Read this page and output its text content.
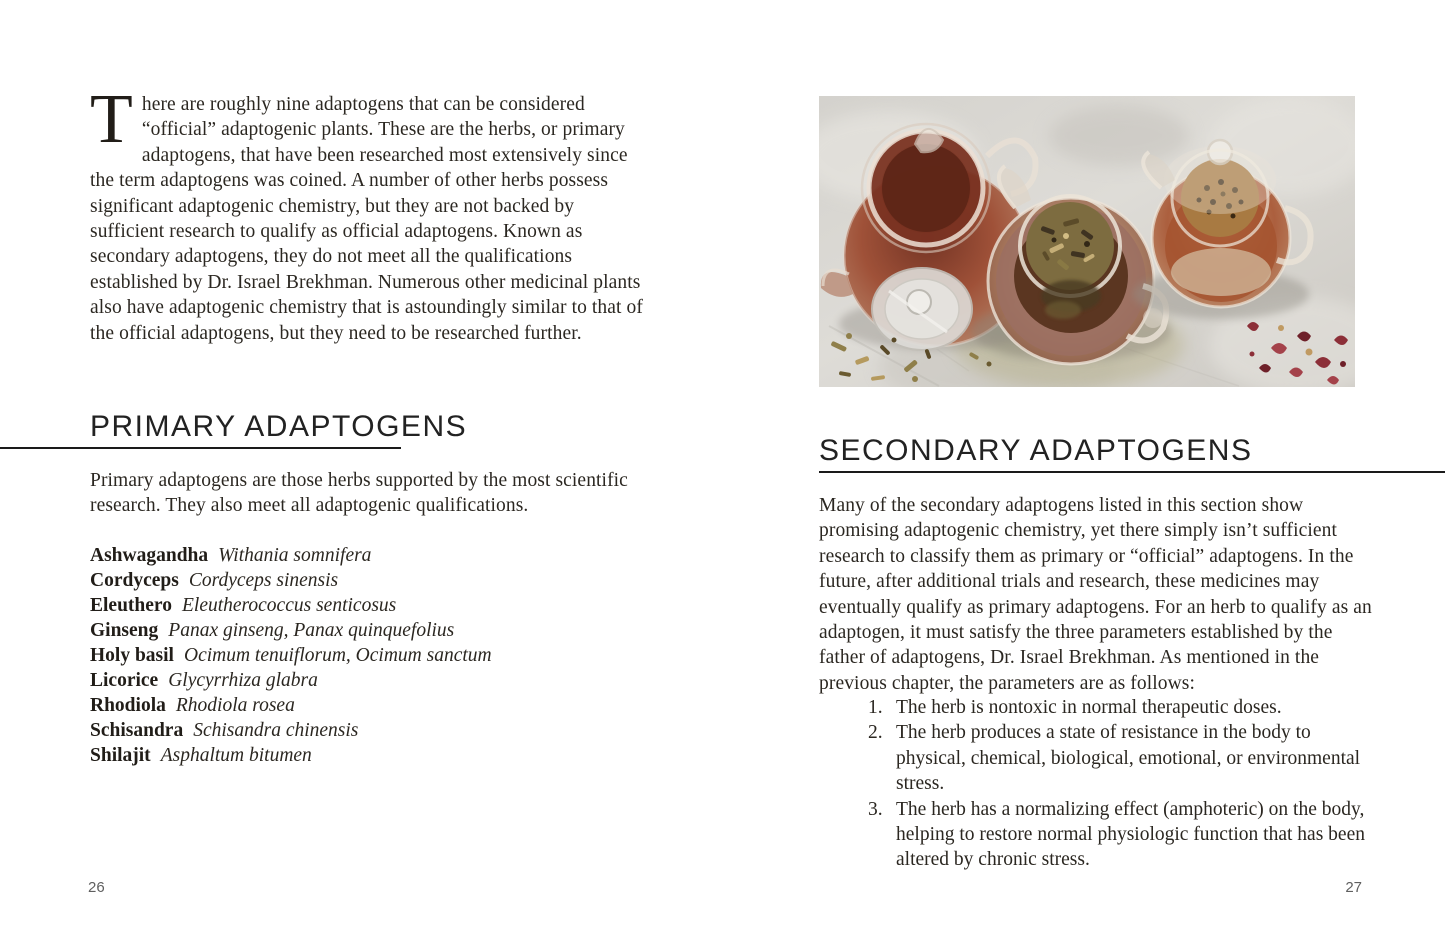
There are roughly nine adaptogens that can be considered “official” adaptogenic plants. These are the herbs, or primary adaptogens, that have been researched most extensively since the term adaptogens was coined. A number of other herbs possess significant adaptogenic chemistry, but they are not backed by sufficient research to qualify as official adaptogens. Known as secondary adaptogens, they do not meet all the qualifications established by Dr. Israel Brekhman. Numerous other medicinal plants also have adaptogenic chemistry that is astoundingly similar to that of the official adaptogens, but they need to be researched further.
PRIMARY ADAPTOGENS
Primary adaptogens are those herbs supported by the most scientific research. They also meet all adaptogenic qualifications.
Ashwagandha Withania somnifera
Cordyceps Cordyceps sinensis
Eleuthero Eleutherococcus senticosus
Ginseng Panax ginseng, Panax quinquefolius
Holy basil Ocimum tenuiflorum, Ocimum sanctum
Licorice Glycyrrhiza glabra
Rhodiola Rhodiola rosea
Schisandra Schisandra chinensis
Shilajit Asphaltum bitumen
26
SECONDARY ADAPTOGENS
Many of the secondary adaptogens listed in this section show promising adaptogenic chemistry, yet there simply isn’t sufficient research to classify them as primary or “official” adaptogens. In the future, after additional trials and research, these medicines may eventually qualify as primary adaptogens. For an herb to qualify as an adaptogen, it must satisfy the three parameters established by the father of adaptogens, Dr. Israel Brekhman. As mentioned in the previous chapter, the parameters are as follows:
1. The herb is nontoxic in normal therapeutic doses.
2. The herb produces a state of resistance in the body to physical, chemical, biological, emotional, or environmental stress.
3. The herb has a normalizing effect (amphoteric) on the body, helping to restore normal physiologic function that has been altered by chronic stress.
27
